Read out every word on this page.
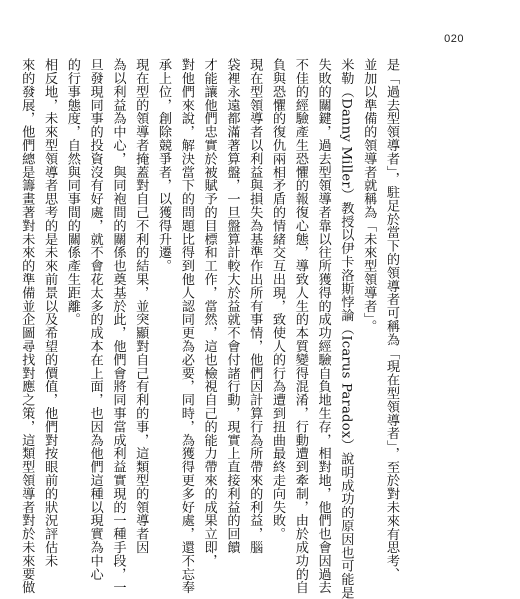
020
是「過去型領導者」，駐足於當下的領導者可稱為「現在型領導者」，至於對未來有思考、
並加以準備的領導者就稱為「未來型領導者」。
米勒（Danny Miller）教授以伊卡洛斯悖論（Icarus Paradox）說明成功的原因也可能是
失敗的關鍵，過去型領導者靠以往所獲得的成功經驗自負地生存，相對地，他們也會因過去
不佳的經驗產生恐懼的報復心態，導致人生的本質變得混淆，行動遭到牽制，由於成功的自
負與恐懼的復仇兩相矛盾的情緒交互出現，致使人的行為遭到扭曲最終走向失敗。
現在型領導者以利益與損失為基準作出所有事情，他們因計算行為所帶來的利益，腦
袋裡永遠都滿著算盤，一旦盤算計較大於益就不會付諸行動，現實上直接利益的回饋
才能讓他們忠實於被賦予的目標和工作，當然，這也檢視自己的能力帶來的成果立即，
對他們來說，解決當下的問題比得到他人認同更為必要，同時，為獲得更多好處，還不忘奉
承上位，創除競爭者，以獲得升遷。
現在型的領導者掩蓋對自己不利的結果，並突顯對自己有利的事，這類型的領導者因
為以利益為中心，與同袍間的關係也奠基於此，他們會將同事當成利益實現的一種手段，一
旦發現同事的投資沒有好處，就不會花太多的成本在上面，也因為他們這種以現實為中心
的行事態度，自然與同事間的關係產生距離。
相反地，未來型領導者思考的是未來前景以及希望的價值，他們對按眼前的狀況評估未
來的發展，他們總是籌畫著對未來的準備並企圖尋找對應之策，這類型領導者對於未來要做
